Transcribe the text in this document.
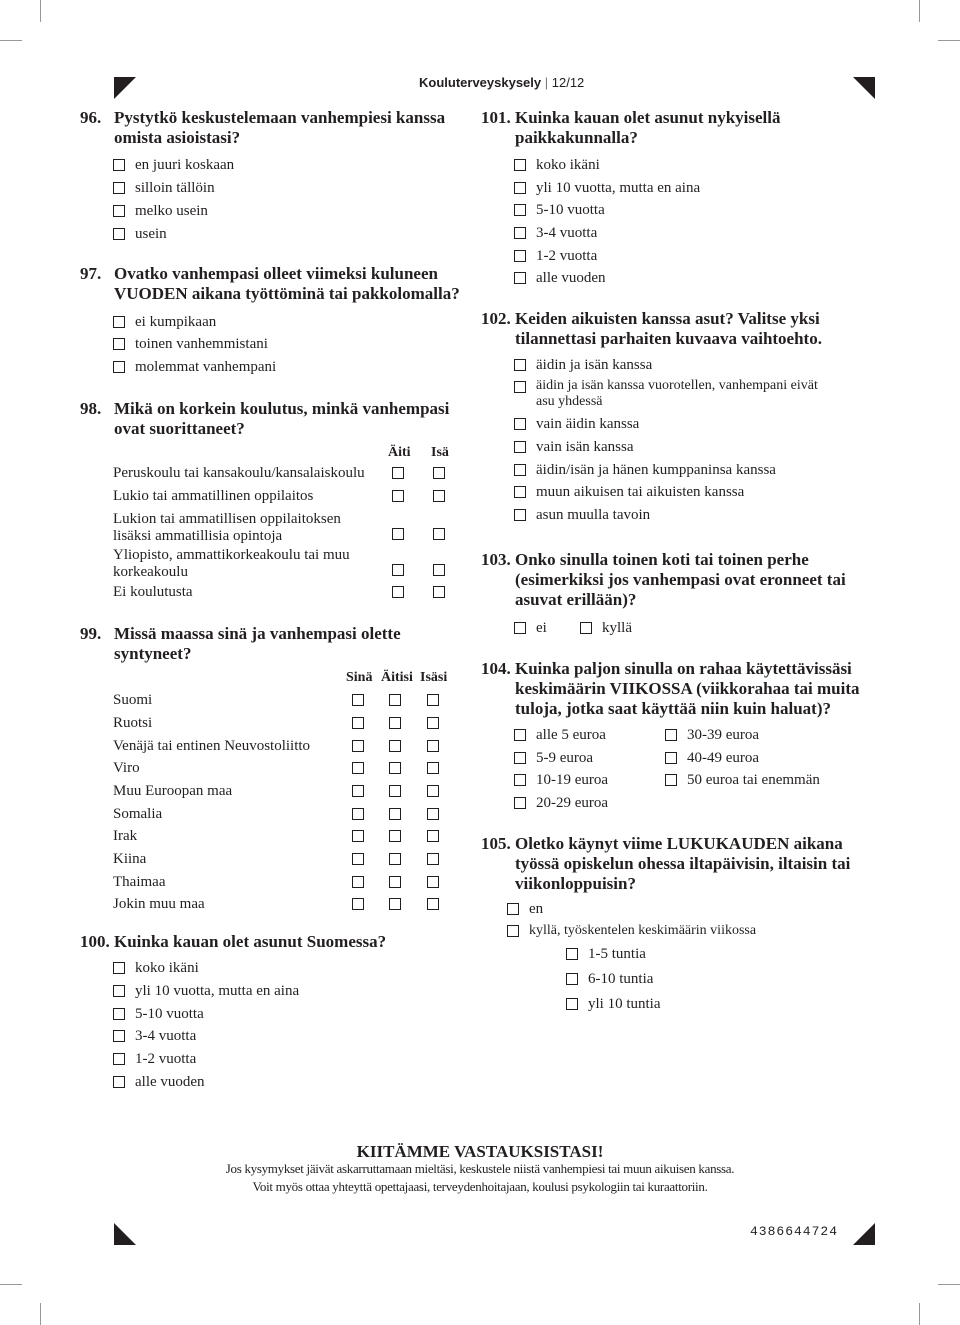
Kouluterveyskysely | 12/12
96. Pystytkö keskustelemaan vanhempiesi kanssa omista asioistasi?
en juuri koskaan
silloin tällöin
melko usein
usein
97. Ovatko vanhempasi olleet viimeksi kuluneen VUODEN aikana työttöminä tai pakkolomalla?
ei kumpikaan
toinen vanhemmistani
molemmat vanhempani
98. Mikä on korkein koulutus, minkä vanhempasi ovat suorittaneet?
Äiti Isä
Peruskoulu tai kansakoulu/kansalaiskoulu
Lukio tai ammatillinen oppilaitos
Lukion tai ammatillisen oppilaitoksen lisäksi ammatillisia opintoja
Yliopisto, ammattikorkeakoulu tai muu korkeakoulu
Ei koulutusta
99. Missä maassa sinä ja vanhempasi olette syntyneet?
Sinä Äitisi Isäsi
Suomi
Ruotsi
Venäjä tai entinen Neuvostoliitto
Viro
Muu Euroopan maa
Somalia
Irak
Kiina
Thaimaa
Jokin muu maa
100. Kuinka kauan olet asunut Suomessa?
koko ikäni
yli 10 vuotta, mutta en aina
5-10 vuotta
3-4 vuotta
1-2 vuotta
alle vuoden
101. Kuinka kauan olet asunut nykyisellä paikkakunnalla?
koko ikäni
yli 10 vuotta, mutta en aina
5-10 vuotta
3-4 vuotta
1-2 vuotta
alle vuoden
102. Keiden aikuisten kanssa asut? Valitse yksi tilannettasi parhaiten kuvaava vaihtoehto.
äidin ja isän kanssa
äidin ja isän kanssa vuorotellen, vanhempani eivät asu yhdessä
vain äidin kanssa
vain isän kanssa
äidin/isän ja hänen kumppaninsa kanssa
muun aikuisen tai aikuisten kanssa
asun muulla tavoin
103. Onko sinulla toinen koti tai toinen perhe (esimerkiksi jos vanhempasi ovat eronneet tai asuvat erillään)?
ei	kyllä
104. Kuinka paljon sinulla on rahaa käytettävissäsi keskimäärin VIIKOSSA (viikkorahaa tai muita tuloja, jotka saat käyttää niin kuin haluat)?
alle 5 euroa
5-9 euroa
10-19 euroa
20-29 euroa
30-39 euroa
40-49 euroa
50 euroa tai enemmän
105. Oletko käynyt viime LUKUKAUDEN aikana työssä opiskelun ohessa iltapäivisin, iltaisin tai viikonloppuisin?
en
kyllä, työskentelen keskimäärin viikossa
1-5 tuntia
6-10 tuntia
yli 10 tuntia
KIITÄMME VASTAUKSISTASI!
Jos kysymykset jäivät askarruttamaan mieltäsi, keskustele niistä vanhempiesi tai muun aikuisen kanssa.
Voit myös ottaa yhteyttä opettajaasi, terveydenhoitajaan, koulusi psykologiin tai kuraattoriin.
4386644724
